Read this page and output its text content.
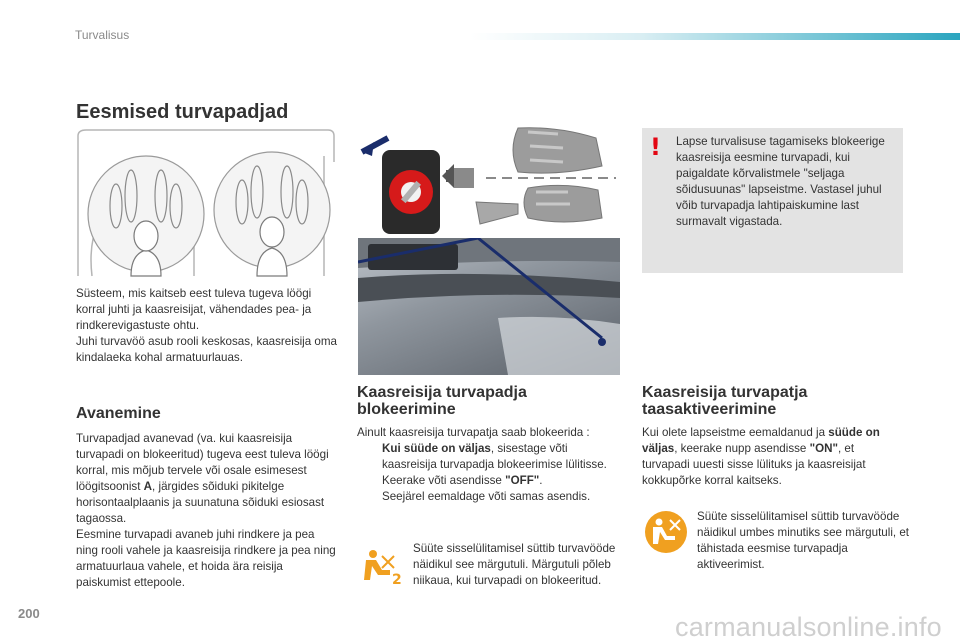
Turvalisus
Eesmised turvapadjad
Süsteem, mis kaitseb eest tuleva tugeva löögi korral juhti ja kaasreisijat, vähendades pea- ja rindkerevigastuste ohtu.
Juhi turvavöö asub rooli keskosas, kaasreisija oma kindalaeka kohal armatuurlauas.
Avanemine
Turvapadjad avanevad (va. kui kaasreisija turvapadi on blokeeritud) tugeva eest tuleva löögi korral, mis mõjub tervele või osale esimesest löögitsoonist A, järgides sõiduki pikitelge horisontaalplaanis ja suunatuna sõiduki esiosast tagaossa.
Eesmine turvapadi avaneb juhi rindkere ja pea ning rooli vahele ja kaasreisija rindkere ja pea ning armatuurlaua vahele, et hoida ära reisija paiskumist ettepoole.
Kaasreisija turvapadja
blokeerimine
Ainult kaasreisija turvapatja saab blokeerida :
Kui süüde on väljas, sisestage võti kaasreisija turvapadja blokeerimise lülitisse.
Keerake võti asendisse "OFF".
Seejärel eemaldage võti samas asendis.
2
Süüte sisselülitamisel süttib turvavööde näidikul see märgutuli. Märgutuli põleb niikaua, kui turvapadi on blokeeritud.
Kaasreisija turvapatja
taasaktiveerimine
Kui olete lapseistme eemaldanud ja süüde on väljas, keerake nupp asendisse "ON", et turvapadi uuesti sisse lülituks ja kaasreisijat kokkupõrke korral kaitseks.
Süüte sisselülitamisel süttib turvavööde näidikul umbes minutiks see märgutuli, et tähistada eesmise turvapadja aktiveerimist.
! Lapse turvalisuse tagamiseks blokeerige kaasreisija eesmine turvapadi, kui paigaldate kõrvalistmele "seljaga sõidusuunas" lapseistme. Vastasel juhul võib turvapadja lahtipaiskumine last surmavalt vigastada.
200	carmanualsonline.info
